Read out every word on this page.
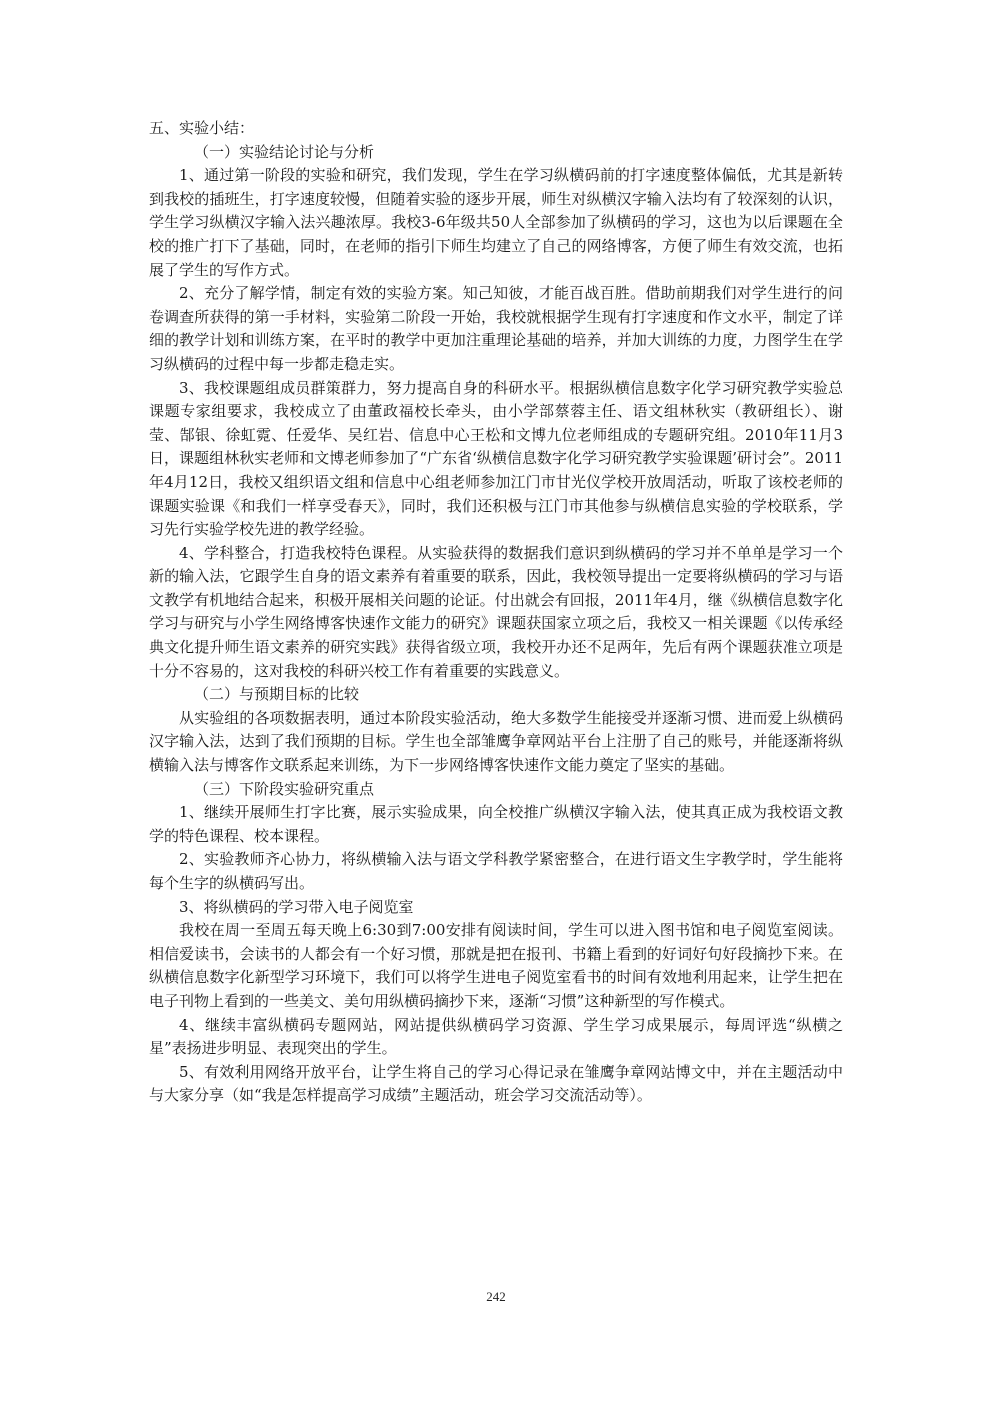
五、实验小结：

（一）实验结论讨论与分析

1、通过第一阶段的实验和研究，我们发现，学生在学习纵横码前的打字速度整体偏低，尤其是新转到我校的插班生，打字速度较慢，但随着实验的逐步开展，师生对纵横汉字输入法均有了较深刻的认识，学生学习纵横汉字输入法兴趣浓厚。我校3-6年级共50人全部参加了纵横码的学习，这也为以后课题在全校的推广打下了基础，同时，在老师的指引下师生均建立了自己的网络博客，方便了师生有效交流，也拓展了学生的写作方式。

2、充分了解学情，制定有效的实验方案。知己知彼，才能百战百胜。借助前期我们对学生进行的问卷调查所获得的第一手材料，实验第二阶段一开始，我校就根据学生现有打字速度和作文水平，制定了详细的教学计划和训练方案，在平时的教学中更加注重理论基础的培养，并加大训练的力度，力图学生在学习纵横码的过程中每一步都走稳走实。

3、我校课题组成员群策群力，努力提高自身的科研水平。根据纵横信息数字化学习研究教学实验总课题专家组要求，我校成立了由董政福校长牵头，由小学部蔡蓉主任、语文组林秋实（教研组长）、谢莹、郜银、徐虹霓、任爱华、吴红岩、信息中心王松和文博九位老师组成的专题研究组。2010年11月3日，课题组林秋实老师和文博老师参加了“广东省‘纵横信息数字化学习研究教学实验课题’研讨会”。2011年4月12日，我校又组织语文组和信息中心组老师参加江门市甘光仪学校开放周活动，听取了该校老师的课题实验课《和我们一样享受春天》，同时，我们还积极与江门市其他参与纵横信息实验的学校联系，学习先行实验学校先进的教学经验。

4、学科整合，打造我校特色课程。从实验获得的数据我们意识到纵横码的学习并不单单是学习一个新的输入法，它跟学生自身的语文素养有着重要的联系，因此，我校领导提出一定要将纵横码的学习与语文教学有机地结合起来，积极开展相关问题的论证。付出就会有回报，2011年4月，继《纵横信息数字化学习与研究与小学生网络博客快速作文能力的研究》课题获国家立项之后，我校又一相关课题《以传承经典文化提升师生语文素养的研究实践》获得省级立项，我校开办还不足两年，先后有两个课题获准立项是十分不容易的，这对我校的科研兴校工作有着重要的实践意义。

（二）与预期目标的比较

从实验组的各项数据表明，通过本阶段实验活动，绝大多数学生能接受并逐渐习惯、进而爱上纵横码汉字输入法，达到了我们预期的目标。学生也全部雏鹰争章网站平台上注册了自己的账号，并能逐渐将纵横输入法与博客作文联系起来训练，为下一步网络博客快速作文能力奠定了坚实的基础。

（三）下阶段实验研究重点

1、继续开展师生打字比赛，展示实验成果，向全校推广纵横汉字输入法，使其真正成为我校语文教学的特色课程、校本课程。

2、实验教师齐心协力，将纵横输入法与语文学科教学紧密整合，在进行语文生字教学时，学生能将每个生字的纵横码写出。

3、将纵横码的学习带入电子阅览室

我校在周一至周五每天晚上6:30到7:00安排有阅读时间，学生可以进入图书馆和电子阅览室阅读。相信爱读书，会读书的人都会有一个好习惯，那就是把在报刊、书籍上看到的好词好句好段摘抄下来。在纵横信息数字化新型学习环境下，我们可以将学生进电子阅览室看书的时间有效地利用起来，让学生把在电子刊物上看到的一些美文、美句用纵横码摘抄下来，逐渐“习惯”这种新型的写作模式。

4、继续丰富纵横码专题网站，网站提供纵横码学习资源、学生学习成果展示，每周评选“纵横之星”表扬进步明显、表现突出的学生。

5、有效利用网络开放平台，让学生将自己的学习心得记录在雏鹰争章网站博文中，并在主题活动中与大家分享（如“我是怎样提高学习成绩”主题活动，班会学习交流活动等）。

242
